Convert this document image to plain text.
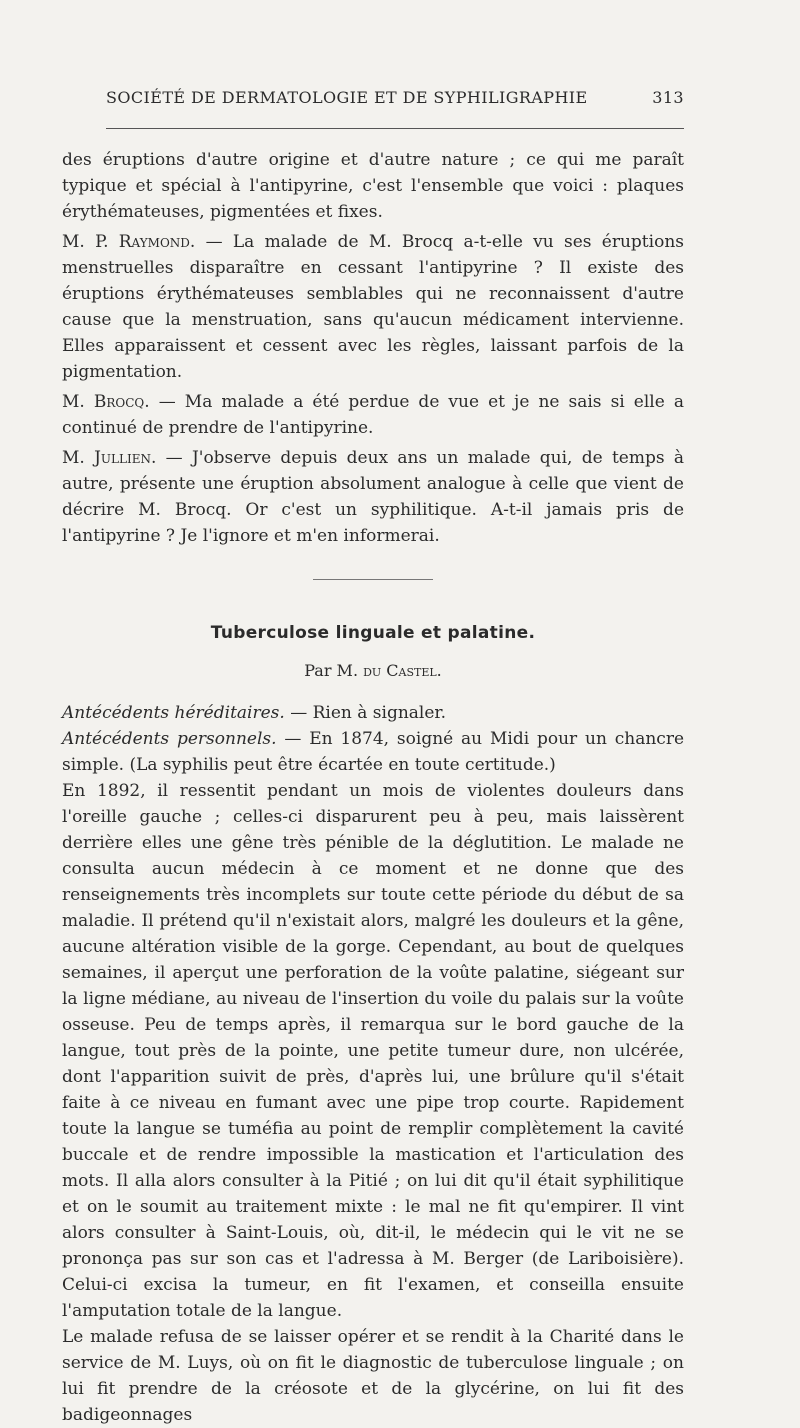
SOCIÉTÉ DE DERMATOLOGIE ET DE SYPHILIGRAPHIE	313

des éruptions d'autre origine et d'autre nature ; ce qui me paraît typique et spécial à l'antipyrine, c'est l'ensemble que voici : plaques érythémateuses, pigmentées et fixes.

M. P. Raymond. — La malade de M. Brocq a-t-elle vu ses éruptions menstruelles disparaître en cessant l'antipyrine ? Il existe des éruptions érythémateuses semblables qui ne reconnaissent d'autre cause que la menstruation, sans qu'aucun médicament intervienne. Elles apparaissent et cessent avec les règles, laissant parfois de la pigmentation.

M. Brocq. — Ma malade a été perdue de vue et je ne sais si elle a continué de prendre de l'antipyrine.

M. Jullien. — J'observe depuis deux ans un malade qui, de temps à autre, présente une éruption absolument analogue à celle que vient de décrire M. Brocq. Or c'est un syphilitique. A-t-il jamais pris de l'antipyrine ? Je l'ignore et m'en informerai.

Tuberculose linguale et palatine.
Par M. du Castel.

Antécédents héréditaires. — Rien à signaler.

Antécédents personnels. — En 1874, soigné au Midi pour un chancre simple. (La syphilis peut être écartée en toute certitude.)

En 1892, il ressentit pendant un mois de violentes douleurs dans l'oreille gauche ; celles-ci disparurent peu à peu, mais laissèrent derrière elles une gêne très pénible de la déglutition. Le malade ne consulta aucun médecin à ce moment et ne donne que des renseignements très incomplets sur toute cette période du début de sa maladie. Il prétend qu'il n'existait alors, malgré les douleurs et la gêne, aucune altération visible de la gorge. Cependant, au bout de quelques semaines, il aperçut une perforation de la voûte palatine, siégeant sur la ligne médiane, au niveau de l'insertion du voile du palais sur la voûte osseuse. Peu de temps après, il remarqua sur le bord gauche de la langue, tout près de la pointe, une petite tumeur dure, non ulcérée, dont l'apparition suivit de près, d'après lui, une brûlure qu'il s'était faite à ce niveau en fumant avec une pipe trop courte. Rapidement toute la langue se tuméfia au point de remplir complètement la cavité buccale et de rendre impossible la mastication et l'articulation des mots. Il alla alors consulter à la Pitié ; on lui dit qu'il était syphilitique et on le soumit au traitement mixte : le mal ne fit qu'empirer. Il vint alors consulter à Saint-Louis, où, dit-il, le médecin qui le vit ne se prononça pas sur son cas et l'adressa à M. Berger (de Lariboisière). Celui-ci excisa la tumeur, en fit l'examen, et conseilla ensuite l'amputation totale de la langue.

Le malade refusa de se laisser opérer et se rendit à la Charité dans le service de M. Luys, où on fit le diagnostic de tuberculose linguale ; on lui fit prendre de la créosote et de la glycérine, on lui fit des badigeonnages
